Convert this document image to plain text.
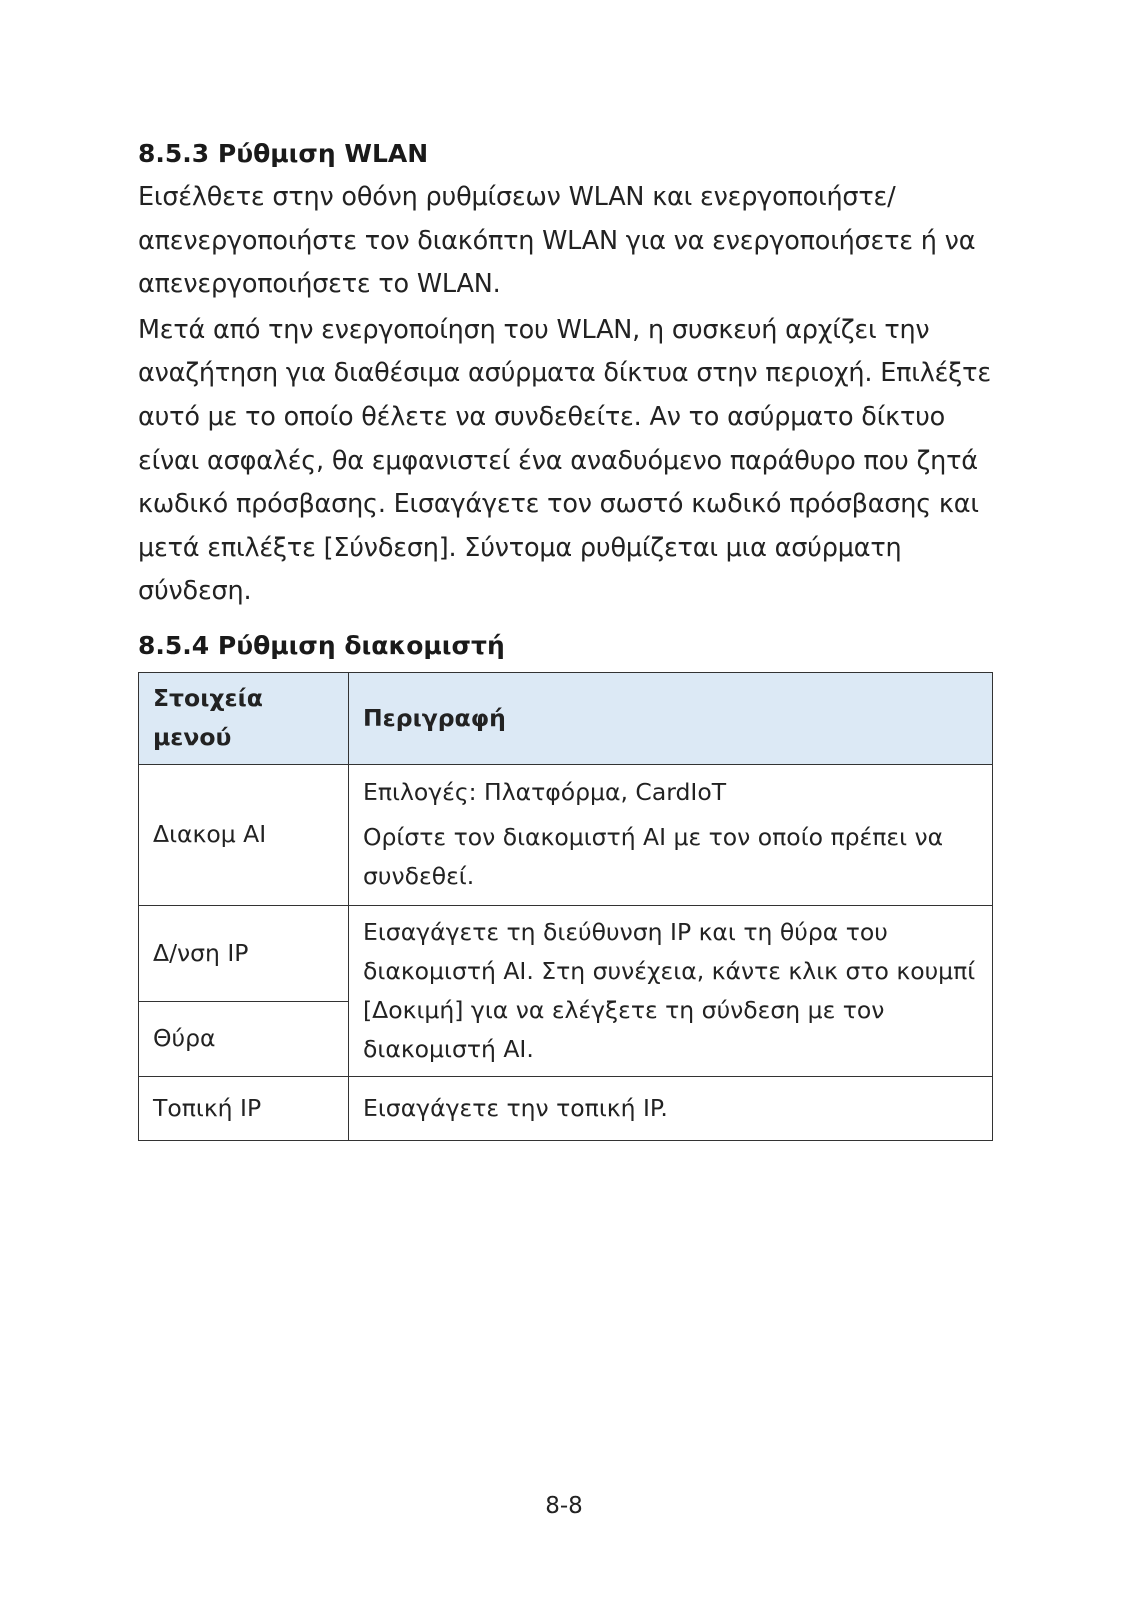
8.5.3 Ρύθμιση WLAN

Εισέλθετε στην οθόνη ρυθμίσεων WLAN και ενεργοποιήστε/απενεργοποιήστε τον διακόπτη WLAN για να ενεργοποιήσετε ή να απενεργοποιήσετε το WLAN.

Μετά από την ενεργοποίηση του WLAN, η συσκευή αρχίζει την αναζήτηση για διαθέσιμα ασύρματα δίκτυα στην περιοχή. Επιλέξτε αυτό με το οποίο θέλετε να συνδεθείτε. Αν το ασύρματο δίκτυο είναι ασφαλές, θα εμφανιστεί ένα αναδυόμενο παράθυρο που ζητά κωδικό πρόσβασης. Εισαγάγετε τον σωστό κωδικό πρόσβασης και μετά επιλέξτε [Σύνδεση]. Σύντομα ρυθμίζεται μια ασύρματη σύνδεση.

8.5.4 Ρύθμιση διακομιστή
Στοιχεία μενού	Περιγραφή
Διακομ AI	Επιλογές: Πλατφόρμα, CardIoT
Ορίστε τον διακομιστή AI με τον οποίο πρέπει να συνδεθεί.

Δ/νση IP	Εισαγάγετε τη διεύθυνση IP και τη θύρα του διακομιστή AI. Στη συνέχεια, κάντε κλικ στο κουμπί [Δοκιμή] για να ελέγξετε τη σύνδεση με τον διακομιστή AI.
Θύρα	
Τοπική IP	Εισαγάγετε την τοπική IP.
8-8
